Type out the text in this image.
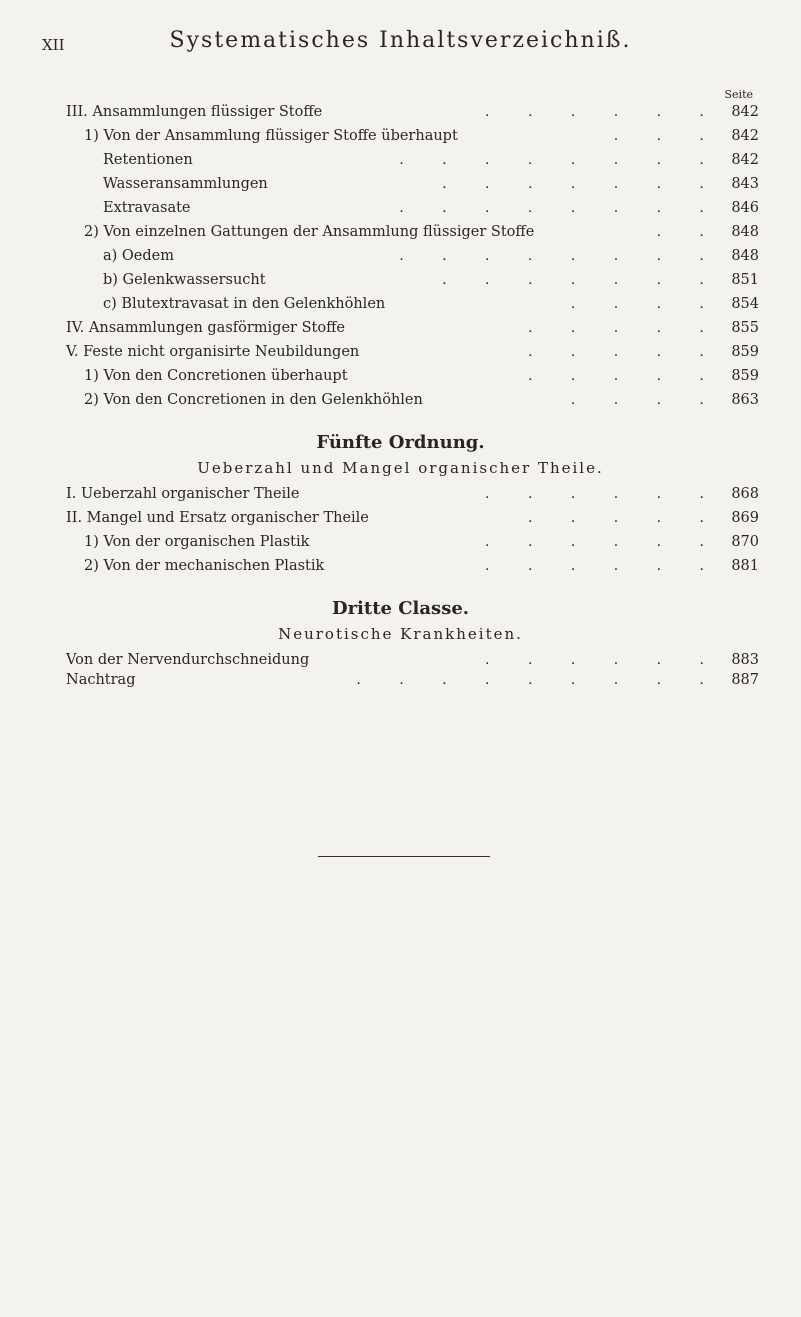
XII	Systematisches Inhaltsverzeichniß.
Seite
III. Ansammlungen flüssiger Stoffe	. . . . . . 842
1) Von der Ansammlung flüssiger Stoffe überhaupt	. . . 842
Retentionen	. . . . . . . . 842
Wasseransammlungen	. . . . . . . 843
Extravasate	. . . . . . . . 846
2) Von einzelnen Gattungen der Ansammlung flüssiger Stoffe	. . 848
a) Oedem	. . . . . . . . 848
b) Gelenkwassersucht	. . . . . . . 851
c) Blutextravasat in den Gelenkhöhlen	. . . . 854
IV. Ansammlungen gasförmiger Stoffe	. . . . . 855
V. Feste nicht organisirte Neubildungen	. . . . . 859
1) Von den Concretionen überhaupt	. . . . . 859
2) Von den Concretionen in den Gelenkhöhlen	. . . . 863
Fünfte Ordnung.
Ueberzahl und Mangel organischer Theile.
I. Ueberzahl organischer Theile	. . . . . . 868
II. Mangel und Ersatz organischer Theile	. . . . . 869
1) Von der organischen Plastik	. . . . . . 870
2) Von der mechanischen Plastik	. . . . . . 881
Dritte Classe.
Neurotische Krankheiten.
Von der Nervendurchschneidung	. . . . . . 883
Nachtrag	. . . . . . . . . 887
